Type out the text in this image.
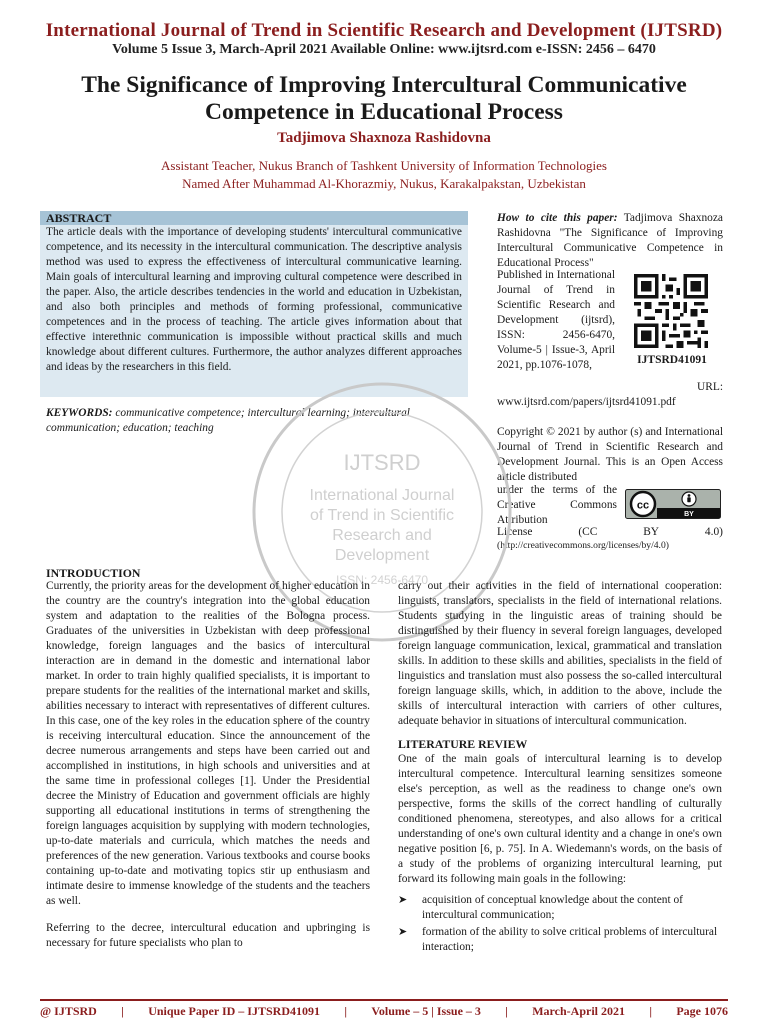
International Journal of Trend in Scientific Research and Development (IJTSRD)
Volume 5 Issue 3, March-April 2021 Available Online: www.ijtsrd.com e-ISSN: 2456 – 6470
The Significance of Improving Intercultural Communicative Competence in Educational Process
Tadjimova Shaxnoza Rashidovna
Assistant Teacher, Nukus Branch of Tashkent University of Information Technologies
Named After Muhammad Al-Khorazmiy, Nukus, Karakalpakstan, Uzbekistan
ABSTRACT
The article deals with the importance of developing students' intercultural communicative competence, and its necessity in the intercultural communication. The descriptive analysis method was used to express the effectiveness of intercultural communicative learning. Main goals of intercultural learning and improving cultural competence were described in the paper. Also, the article describes tendencies in the world and education in Uzbekistan, and also both principles and methods of forming professional, communicative competences and in the process of teaching. The article gives information about that effective interethnic communication is impossible without practical skills and much knowledge about different cultures. Furthermore, the author analyzes different approaches and ideas by the researchers in this field.
KEYWORDS: communicative competence; intercultural learning; intercultural communication; education; teaching
How to cite this paper: Tadjimova Shaxnoza Rashidovna "The Significance of Improving Intercultural Communicative Competence in Educational Process"
Published in International Journal of Trend in Scientific Research and Development (ijtsrd), ISSN: 2456-6470, Volume-5 | Issue-3, April 2021, pp.1076-1078,	IJTSRD41091
URL:
www.ijtsrd.com/papers/ijtsrd41091.pdf
Copyright © 2021 by author (s) and International Journal of Trend in Scientific Research and Development Journal. This is an Open Access article distributed
under the terms of the Creative Commons Attribution
cc
BY
License	(CC	BY	4.0)
(http://creativecommons.org/licenses/by/4.0)
IJTSRD
International Journal
of Trend in Scientific
Research and
Development
ISSN: 2456-6470
INTRODUCTION

Currently, the priority areas for the development of higher education in the country are the country's integration into the global education system and adaptation to the realities of the Bologna process. Graduates of the universities in Uzbekistan with deep professional knowledge, foreign languages and the basics of intercultural interaction are in demand in the domestic and international labor market. In order to train highly qualified specialists, it is important to prepare students for the realities of the international market and skills, abilities necessary to interact with representatives of different cultures. In this case, one of the key roles in the education sphere of the country is receiving intercultural education. Since the announcement of the decree numerous arrangements and steps have been carried out and accomplished in institutions, in high schools and universities and at the same time in professional colleges [1]. Under the Presidential decree the Ministry of Education and government officials are highly supporting all educational institutions in terms of strengthening the foreign languages acquisition by supplying with modern technologies, up-to-date materials and curricula, which matches the needs and preferences of the new generation. Various textbooks and course books containing up-to-date and motivating topics stir up enthusiasm and intimate desire to immense knowledge of the students and the teachers as well.

Referring to the decree, intercultural education and upbringing is necessary for future specialists who plan to

carry out their activities in the field of international cooperation: linguists, translators, specialists in the field of international relations. Students studying in the linguistic areas of training should be distinguished by their fluency in several foreign languages, developed foreign language communication, lexical, grammatical and translation skills. In addition to these skills and abilities, specialists in the field of linguistics and translation must also possess the so-called intercultural foreign language skills, which, in addition to the above, include the skills of intercultural interaction with carriers of other cultures, adequate behavior in situations of intercultural communication.

LITERATURE REVIEW

One of the main goals of intercultural learning is to develop intercultural competence. Intercultural learning sensitizes someone else's perception, as well as the readiness to change one's own perspective, forms the skills of the correct handling of culturally conditioned phenomena, stereotypes, and also allows for a critical understanding of one's own cultural identity and a change in one's own negative position [6, p. 75]. In A. Wiedemann's words, on the basis of a study of the problems of organizing intercultural learning, put forward its following main goals in the following:

➤	acquisition of conceptual knowledge about the content of intercultural communication;
➤	formation of the ability to solve critical problems of intercultural interaction;
@ IJTSRD | Unique Paper ID – IJTSRD41091 | Volume – 5 | Issue – 3 | March-April 2021 | Page 1076
